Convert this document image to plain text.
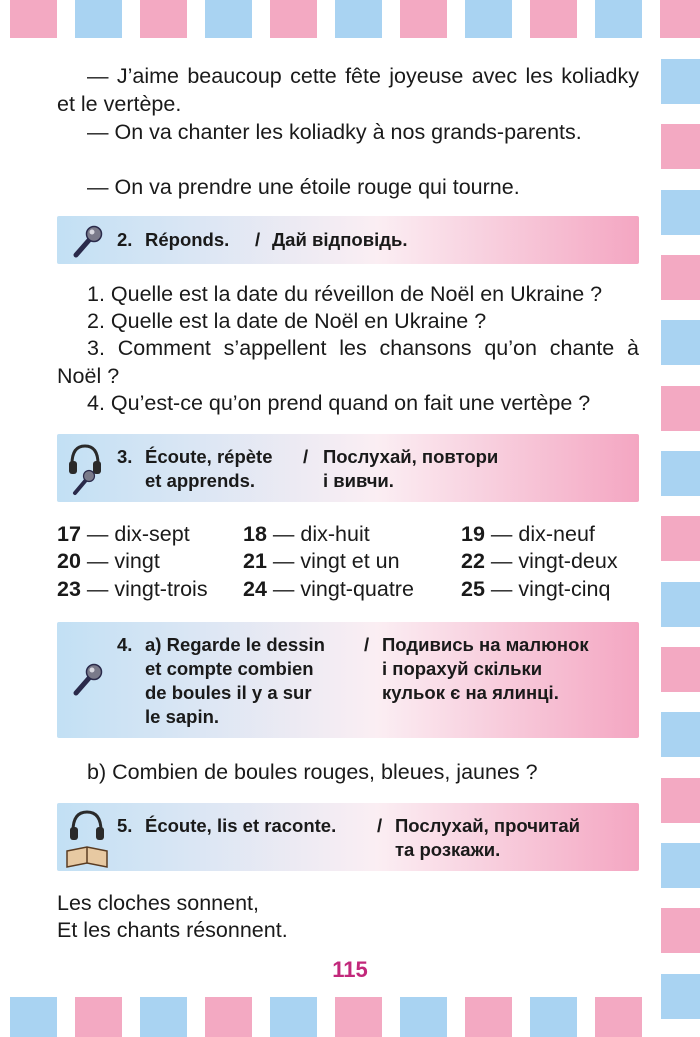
— J’aime beaucoup cette fête joyeuse avec les koliadky et le vertèpe.
— On va chanter les koliadky à nos grands-parents.
— On va prendre une étoile rouge qui tourne.
2. Réponds. / Дай відповідь.
1. Quelle est la date du réveillon de Noël en Ukraine ?
2. Quelle est la date de Noël en Ukraine ?
3. Comment s’appellent les chansons qu’on chante à Noël ?
4. Qu’est-ce qu’on prend quand on fait une vertèpe ?
3. Écoute, répète
et apprends.
/ Послухай, повтори
і вивчи.
17 — dix-sept 18 — dix-huit	19 — dix-neuf
20 — vingt	21 — vingt et un	22 — vingt-deux
23 — vingt-trois 24 — vingt-quatre 25 — vingt-cinq
4. a) Regarde le dessin
et compte combien
de boules il y a sur
le sapin.
/ Подивись на малюнок
і порахуй скільки
кульок є на ялинці.
b) Combien de boules rouges, bleues, jaunes ?
5. Écoute, lis et raconte. / Послухай, прочитай
та розкажи.
Les cloches sonnent,
Et les chants résonnent.
115
